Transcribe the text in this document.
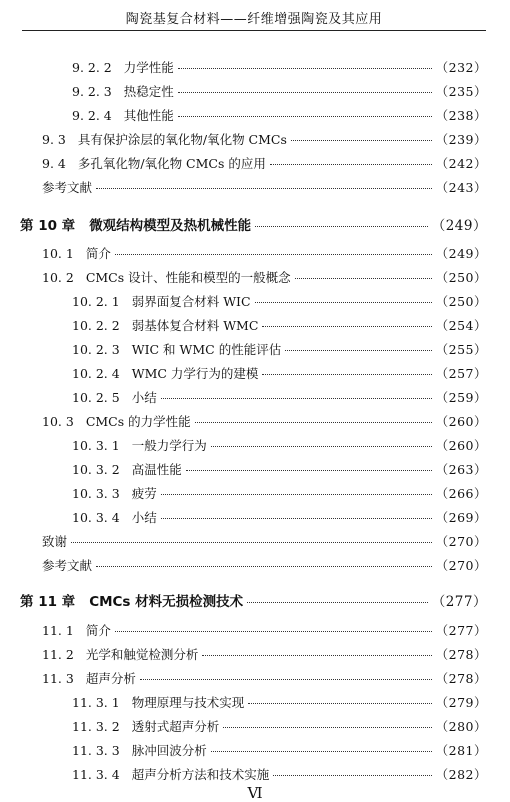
陶瓷基复合材料——纤维增强陶瓷及其应用
9. 2. 2 力学性能	（232）
9. 2. 3 热稳定性	（235）
9. 2. 4 其他性能	（238）
9. 3 具有保护涂层的氧化物/氧化物 CMCs	（239）
9. 4 多孔氧化物/氧化物 CMCs 的应用	（242）
参考文献	（243）
第 10 章 微观结构模型及热机械性能	（249）
10. 1 简介	（249）
10. 2 CMCs 设计、性能和模型的一般概念	（250）
10. 2. 1 弱界面复合材料 WIC	（250）
10. 2. 2 弱基体复合材料 WMC	（254）
10. 2. 3 WIC 和 WMC 的性能评估	（255）
10. 2. 4 WMC 力学行为的建模	（257）
10. 2. 5 小结	（259）
10. 3 CMCs 的力学性能	（260）
10. 3. 1 一般力学行为	（260）
10. 3. 2 高温性能	（263）
10. 3. 3 疲劳	（266）
10. 3. 4 小结	（269）
致谢	（270）
参考文献	（270）
第 11 章 CMCs 材料无损检测技术	（277）
11. 1 简介	（277）
11. 2 光学和触觉检测分析	（278）
11. 3 超声分析	（278）
11. 3. 1 物理原理与技术实现	（279）
11. 3. 2 透射式超声分析	（280）
11. 3. 3 脉冲回波分析	（281）
11. 3. 4 超声分析方法和技术实施	（282）
Ⅵ
